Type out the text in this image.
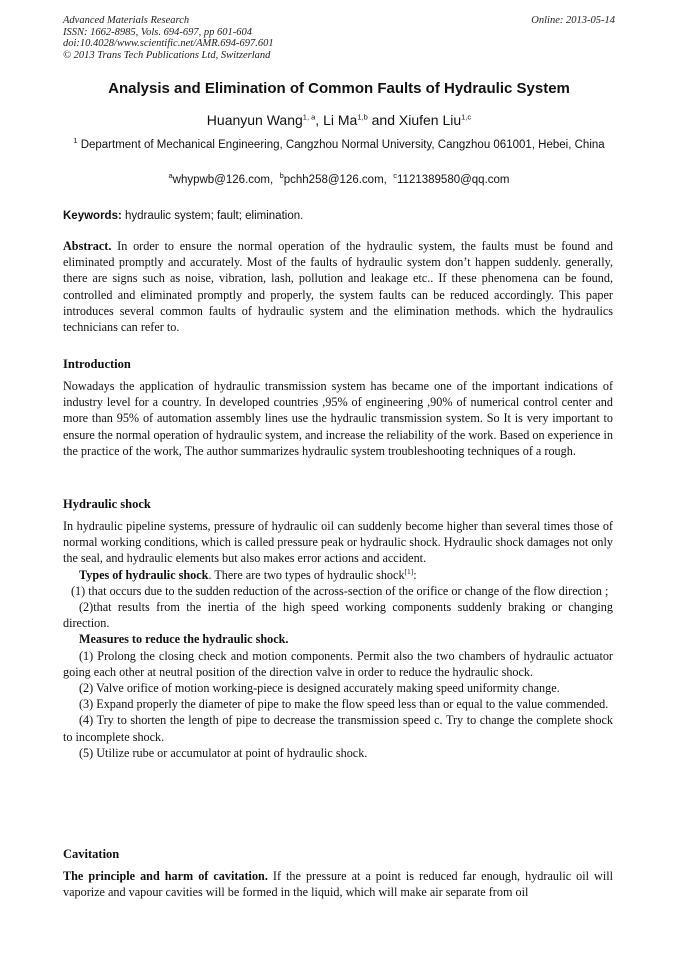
Advanced Materials Research
ISSN: 1662-8985, Vols. 694-697, pp 601-604
doi:10.4028/www.scientific.net/AMR.694-697.601
© 2013 Trans Tech Publications Ltd, Switzerland
Online: 2013-05-14
Analysis and Elimination of Common Faults of Hydraulic System
Huanyun Wang$^{1, a}$, Li Ma$^{1,b}$ and Xiufen Liu$^{1,c}$
$^1$ Department of Mechanical Engineering, Cangzhou Normal University, Cangzhou 061001, Hebei, China
$^a$whypwb@126.com, $^b$pchh258@126.com, $^c$1121389580@qq.com
Keywords: hydraulic system; fault; elimination.

Abstract. In order to ensure the normal operation of the hydraulic system, the faults must be found and eliminated promptly and accurately. Most of the faults of hydraulic system don’t happen suddenly. generally, there are signs such as noise, vibration, lash, pollution and leakage etc.. If these phenomena can be found, controlled and eliminated promptly and properly, the system faults can be reduced accordingly. This paper introduces several common faults of hydraulic system and the elimination methods. which the hydraulics technicians can refer to.

Introduction

Nowadays the application of hydraulic transmission system has became one of the important indications of industry level for a country. In developed countries ,95% of engineering ,90% of numerical control center and more than 95% of automation assembly lines use the hydraulic transmission system. So It is very important to ensure the normal operation of hydraulic system, and increase the reliability of the work. Based on experience in the practice of the work, The author summarizes hydraulic system troubleshooting techniques of a rough.

Hydraulic shock

In hydraulic pipeline systems, pressure of hydraulic oil can suddenly become higher than several times those of normal working conditions, which is called pressure peak or hydraulic shock. Hydraulic shock damages not only the seal, and hydraulic elements but also makes error actions and accident.

Types of hydraulic shock. There are two types of hydraulic shock[1]:

(1) that occurs due to the sudden reduction of the across-section of the orifice or change of the flow direction ;

(2)that results from the inertia of the high speed working components suddenly braking or changing direction.

Measures to reduce the hydraulic shock.

(1) Prolong the closing check and motion components. Permit also the two chambers of hydraulic actuator going each other at neutral position of the direction valve in order to reduce the hydraulic shock.

(2) Valve orifice of motion working-piece is designed accurately making speed uniformity change.

(3) Expand properly the diameter of pipe to make the flow speed less than or equal to the value commended.

(4) Try to shorten the length of pipe to decrease the transmission speed c. Try to change the complete shock to incomplete shock.

(5) Utilize rube or accumulator at point of hydraulic shock.

Cavitation

The principle and harm of cavitation. If the pressure at a point is reduced far enough, hydraulic oil will vaporize and vapour cavities will be formed in the liquid, which will make air separate from oil
